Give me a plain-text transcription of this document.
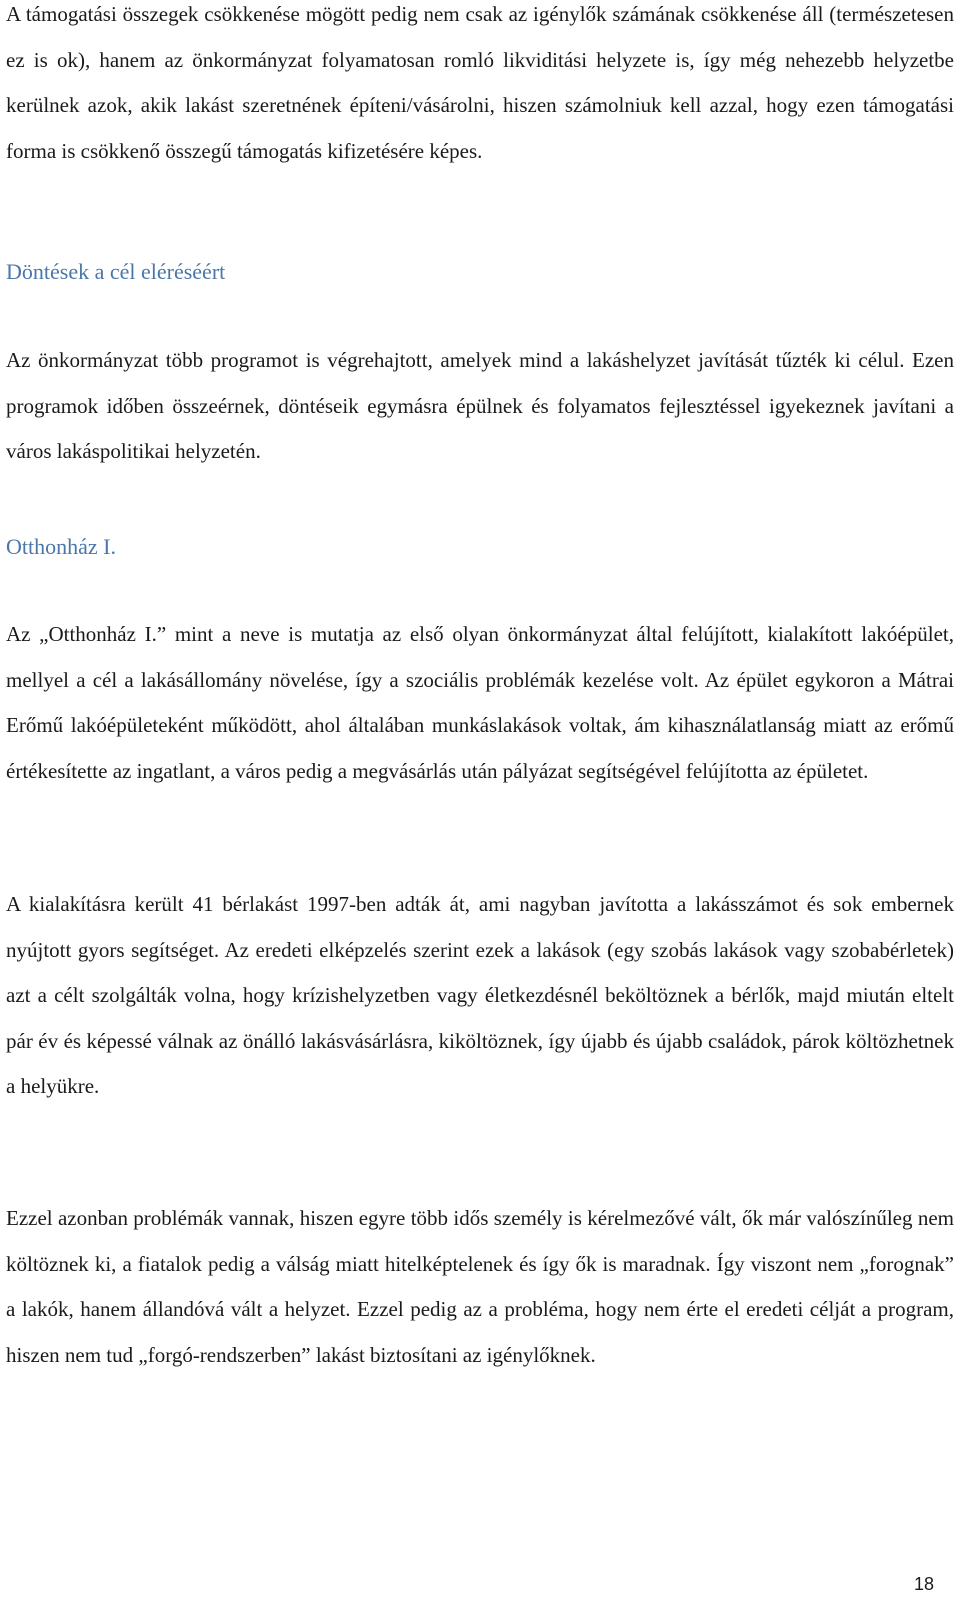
A támogatási összegek csökkenése mögött pedig nem csak az igénylők számának csökkenése áll (természetesen ez is ok), hanem az önkormányzat folyamatosan romló likviditási helyzete is, így még nehezebb helyzetbe kerülnek azok, akik lakást szeretnének építeni/vásárolni, hiszen számolniuk kell azzal, hogy ezen támogatási forma is csökkenő összegű támogatás kifizetésére képes.

Döntések a cél eléréséért

Az önkormányzat több programot is végrehajtott, amelyek mind a lakáshelyzet javítását tűzték ki célul. Ezen programok időben összeérnek, döntéseik egymásra épülnek és folyamatos fejlesztéssel igyekeznek javítani a város lakáspolitikai helyzetén.

Otthonház I.

Az „Otthonház I.” mint a neve is mutatja az első olyan önkormányzat által felújított, kialakított lakóépület, mellyel a cél a lakásállomány növelése, így a szociális problémák kezelése volt. Az épület egykoron a Mátrai Erőmű lakóépületeként működött, ahol általában munkáslakások voltak, ám kihasználatlanság miatt az erőmű értékesítette az ingatlant, a város pedig a megvásárlás után pályázat segítségével felújította az épületet.

A kialakításra került 41 bérlakást 1997-ben adták át, ami nagyban javította a lakásszámot és sok embernek nyújtott gyors segítséget. Az eredeti elképzelés szerint ezek a lakások (egy szobás lakások vagy szobabérletek) azt a célt szolgálták volna, hogy krízishelyzetben vagy életkezdésnél beköltöznek a bérlők, majd miután eltelt pár év és képessé válnak az önálló lakásvásárlásra, kiköltöznek, így újabb és újabb családok, párok költözhetnek a helyükre.

Ezzel azonban problémák vannak, hiszen egyre több idős személy is kérelmezővé vált, ők már valószínűleg nem költöznek ki, a fiatalok pedig a válság miatt hitelképtelenek és így ők is maradnak. Így viszont nem „forognak” a lakók, hanem állandóvá vált a helyzet. Ezzel pedig az a probléma, hogy nem érte el eredeti célját a program, hiszen nem tud „forgó-rendszerben” lakást biztosítani az igénylőknek.

18
